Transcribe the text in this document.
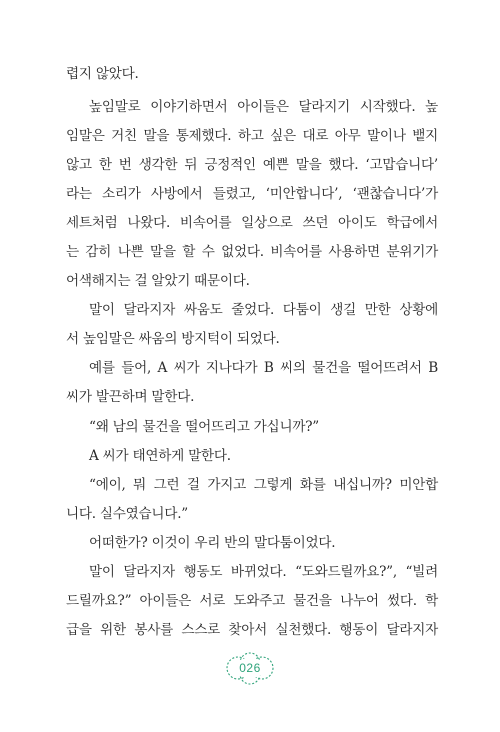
렵지 않았다.
높임말로 이야기하면서 아이들은 달라지기 시작했다. 높
임말은 거친 말을 통제했다. 하고 싶은 대로 아무 말이나 뱉지
않고 한 번 생각한 뒤 긍정적인 예쁜 말을 했다. ‘고맙습니다’
라는 소리가 사방에서 들렸고, ‘미안합니다’, ‘괜찮습니다’가
세트처럼 나왔다. 비속어를 일상으로 쓰던 아이도 학급에서
는 감히 나쁜 말을 할 수 없었다. 비속어를 사용하면 분위기가
어색해지는 걸 알았기 때문이다.
말이 달라지자 싸움도 줄었다. 다툼이 생길 만한 상황에
서 높임말은 싸움의 방지턱이 되었다.
예를 들어, A 씨가 지나다가 B 씨의 물건을 떨어뜨려서 B
씨가 발끈하며 말한다.
“왜 남의 물건을 떨어뜨리고 가십니까?”
A 씨가 태연하게 말한다.
“에이, 뭐 그런 걸 가지고 그렇게 화를 내십니까? 미안합
니다. 실수였습니다.”
어떠한가? 이것이 우리 반의 말다툼이었다.
말이 달라지자 행동도 바뀌었다. “도와드릴까요?”, “빌려
드릴까요?” 아이들은 서로 도와주고 물건을 나누어 썼다. 학
급을 위한 봉사를 스스로 찾아서 실천했다. 행동이 달라지자
026
